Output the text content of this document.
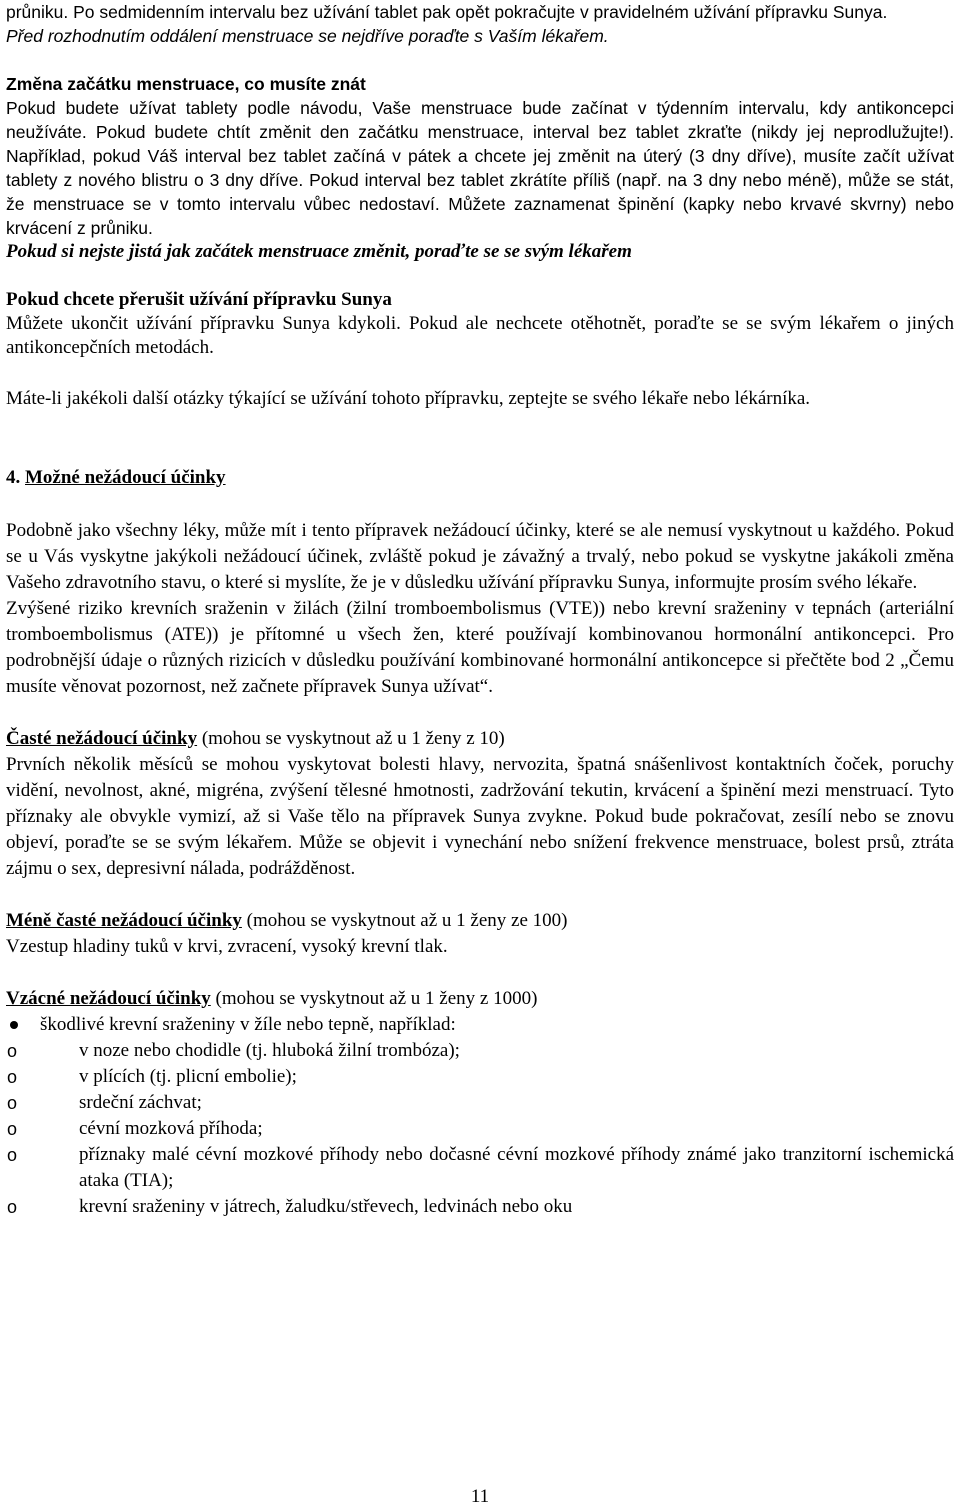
průniku. Po sedmidenním intervalu bez užívání tablet pak opět pokračujte v pravidelném užívání přípravku Sunya.

Před rozhodnutím oddálení menstruace se nejdříve poraďte s Vaším lékařem.

Změna začátku menstruace, co musíte znát

Pokud budete užívat tablety podle návodu, Vaše menstruace bude začínat v týdenním intervalu, kdy antikoncepci neužíváte. Pokud budete chtít změnit den začátku menstruace, interval bez tablet zkraťte (nikdy jej neprodlužujte!). Například, pokud Váš interval bez tablet začíná v pátek a chcete jej změnit na úterý (3 dny dříve), musíte začít užívat tablety z nového blistru o 3 dny dříve. Pokud interval bez tablet zkrátíte příliš (např. na 3 dny nebo méně), může se stát, že menstruace se v tomto intervalu vůbec nedostaví. Můžete zaznamenat špinění (kapky nebo krvavé skvrny) nebo krvácení z průniku.

Pokud si nejste jistá jak začátek menstruace změnit, poraďte se se svým lékařem

Pokud chcete přerušit užívání přípravku Sunya

Můžete ukončit užívání přípravku Sunya kdykoli. Pokud ale nechcete otěhotnět, poraďte se se svým lékařem o jiných antikoncepčních metodách.

Máte-li jakékoli další otázky týkající se užívání tohoto přípravku, zeptejte se svého lékaře nebo lékárníka.

4. Možné nežádoucí účinky

Podobně jako všechny léky, může mít i tento přípravek nežádoucí účinky, které se ale nemusí vyskytnout u každého. Pokud se u Vás vyskytne jakýkoli nežádoucí účinek, zvláště pokud je závažný a trvalý, nebo pokud se vyskytne jakákoli změna Vašeho zdravotního stavu, o které si myslíte, že je v důsledku užívání přípravku Sunya, informujte prosím svého lékaře.

Zvýšené riziko krevních sraženin v žilách (žilní tromboembolismus (VTE)) nebo krevní sraženiny v tepnách (arteriální tromboembolismus (ATE)) je přítomné u všech žen, které používají kombinovanou hormonální antikoncepci. Pro podrobnější údaje o různých rizicích v důsledku používání kombinované hormonální antikoncepce si přečtěte bod 2 „Čemu musíte věnovat pozornost, než začnete přípravek Sunya užívat“.

Časté nežádoucí účinky (mohou se vyskytnout až u 1 ženy z 10)

Prvních několik měsíců se mohou vyskytovat bolesti hlavy, nervozita, špatná snášenlivost kontaktních čoček, poruchy vidění, nevolnost, akné, migréna, zvýšení tělesné hmotnosti, zadržování tekutin, krvácení a špinění mezi menstruací. Tyto příznaky ale obvykle vymizí, až si Vaše tělo na přípravek Sunya zvykne. Pokud bude pokračovat, zesílí nebo se znovu objeví, poraďte se se svým lékařem. Může se objevit i vynechání nebo snížení frekvence menstruace, bolest prsů, ztráta zájmu o sex, depresivní nálada, podrážděnost.

Méně časté nežádoucí účinky (mohou se vyskytnout až u 1 ženy ze 100)

Vzestup hladiny tuků v krvi, zvracení, vysoký krevní tlak.

Vzácné nežádoucí účinky (mohou se vyskytnout až u 1 ženy z 1000)

škodlivé krevní sraženiny v žíle nebo tepně, například:
o	v noze nebo chodidle (tj. hluboká žilní trombóza);
o	v plících (tj. plicní embolie);
o	srdeční záchvat;
o	cévní mozková příhoda;
o	příznaky malé cévní mozkové příhody nebo dočasné cévní mozkové příhody známé jako tranzitorní ischemická ataka (TIA);
o	krevní sraženiny v játrech, žaludku/střevech, ledvinách nebo oku
11
